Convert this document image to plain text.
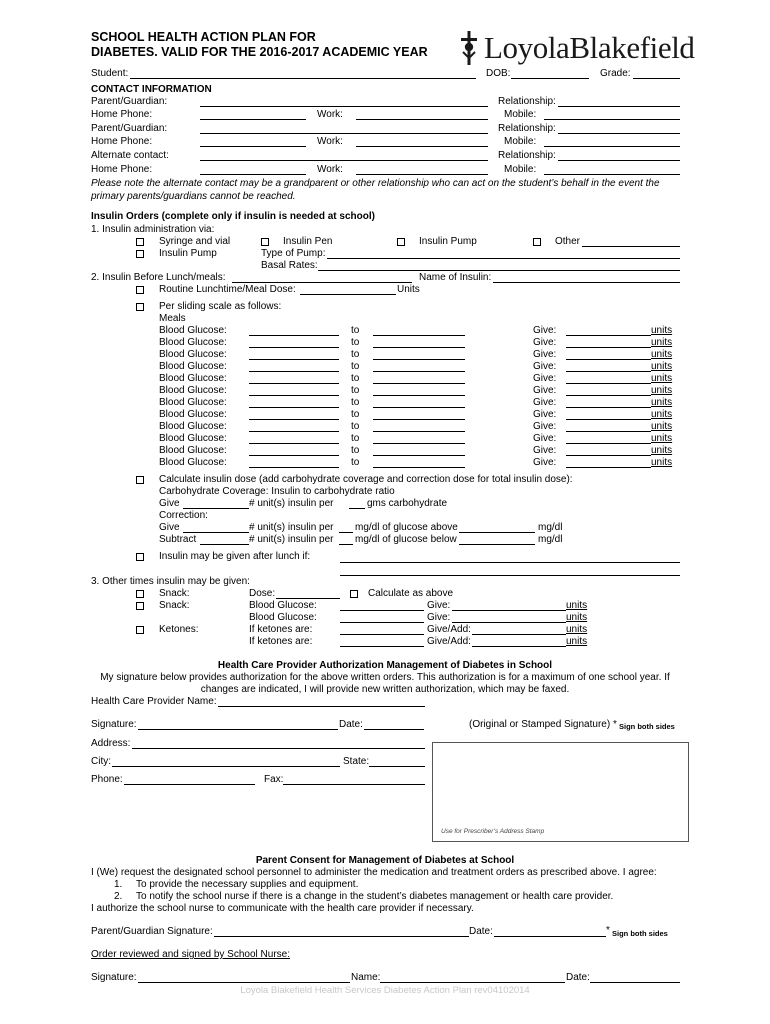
SCHOOL HEALTH ACTION PLAN FOR
DIABETES. VALID FOR THE 2016-2017 ACADEMIC YEAR LoyolaBlakefield
Student:	DOB:	Grade:
CONTACT INFORMATION
Parent/Guardian:	Relationship:
Home Phone:	Work:	Mobile:
Parent/Guardian:	Relationship:
Home Phone:	Work:	Mobile:
Alternate contact:	Relationship:
Home Phone:	Work:	Mobile:
Please note the alternate contact may be a grandparent or other relationship who can act on the student’s behalf in the event the
primary parents/guardians cannot be reached.
Insulin Orders (complete only if insulin is needed at school)
1. Insulin administration via:
Syringe and vial	Insulin Pen	Insulin Pump	Other
Insulin Pump	Type of Pump:
Basal Rates:
2. Insulin Before Lunch/meals:	Name of Insulin:
Routine Lunchtime/Meal Dose:	Units
Per sliding scale as follows:
Meals
Blood Glucose:	to	Give:	units
Blood Glucose:	to	Give:	units
Blood Glucose:	to	Give:	units
Blood Glucose:	to	Give:	units
Blood Glucose:	to	Give:	units
Blood Glucose:	to	Give:	units
Blood Glucose:	to	Give:	units
Blood Glucose:	to	Give:	units
Blood Glucose:	to	Give:	units
Blood Glucose:	to	Give:	units
Blood Glucose:	to	Give:	units
Blood Glucose:	to	Give:	units
Calculate insulin dose (add carbohydrate coverage and correction dose for total insulin dose):
Carbohydrate Coverage: Insulin to carbohydrate ratio
Give	# unit(s) insulin per	gms carbohydrate
Correction:
Give	# unit(s) insulin per mg/dl of glucose above	mg/dl
Subtract	# unit(s) insulin per mg/dl of glucose below	mg/dl
Insulin may be given after lunch if:
3. Other times insulin may be given:
Snack:	Dose:	Calculate as above
Snack:	Blood Glucose:	Give:	units
Blood Glucose:	Give:	units
Ketones:	If ketones are:	Give/Add:	units
If ketones are:	Give/Add:	units
Health Care Provider Authorization Management of Diabetes in School
My signature below provides authorization for the above written orders. This authorization is for a maximum of one school year. If
changes are indicated, I will provide new written authorization, which may be faxed.
Health Care Provider Name:
Signature:	Date:	(Original or Stamped Signature) * Sign both sides
Address:
Use for Prescriber’s Address Stamp
City:	State:
Phone:	Fax:
Parent Consent for Management of Diabetes at School
I (We) request the designated school personnel to administer the medication and treatment orders as prescribed above. I agree:
1. To provide the necessary supplies and equipment.
2. To notify the school nurse if there is a change in the student’s diabetes management or health care provider.
I authorize the school nurse to communicate with the health care provider if necessary.
Parent/Guardian Signature:	Date:	* Sign both sides
Order reviewed and signed by School Nurse:
Signature:	Name:	Date:
Loyola Blakefield Health Services Diabetes Action Plan rev04102014
